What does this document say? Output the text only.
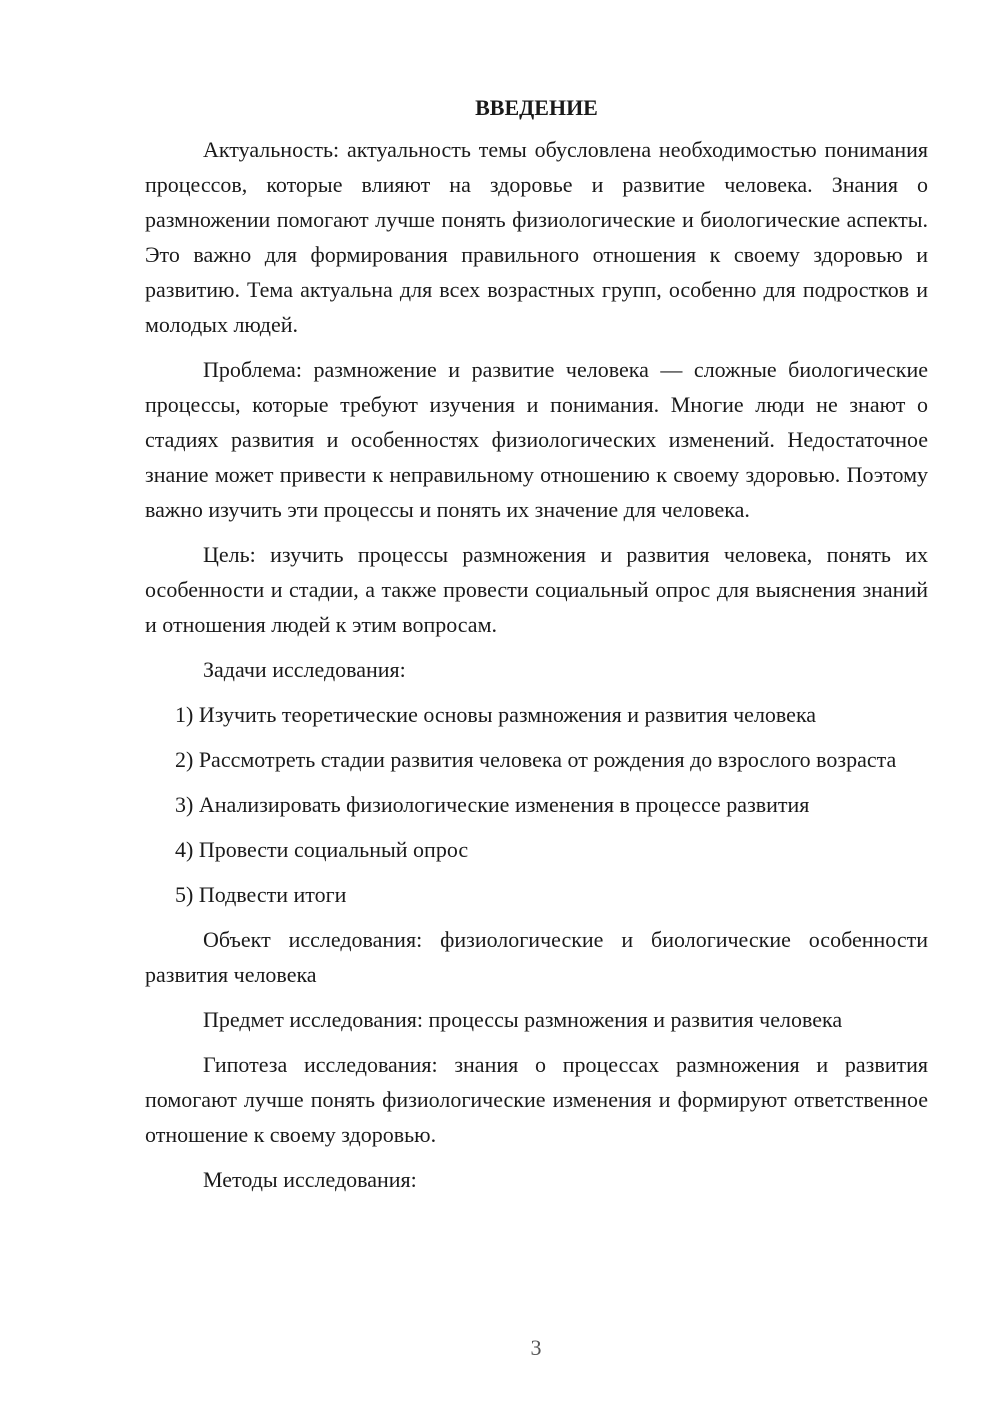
ВВЕДЕНИЕ

Актуальность: актуальность темы обусловлена необходимостью понимания процессов, которые влияют на здоровье и развитие человека. Знания о размножении помогают лучше понять физиологические и биологические аспекты. Это важно для формирования правильного отношения к своему здоровью и развитию. Тема актуальна для всех возрастных групп, особенно для подростков и молодых людей.

Проблема: размножение и развитие человека — сложные биологические процессы, которые требуют изучения и понимания. Многие люди не знают о стадиях развития и особенностях физиологических изменений. Недостаточное знание может привести к неправильному отношению к своему здоровью. Поэтому важно изучить эти процессы и понять их значение для человека.

Цель: изучить процессы размножения и развития человека, понять их особенности и стадии, а также провести социальный опрос для выяснения знаний и отношения людей к этим вопросам.

Задачи исследования:

1) Изучить теоретические основы размножения и развития человека

2) Рассмотреть стадии развития человека от рождения до взрослого возраста

3) Анализировать физиологические изменения в процессе развития

4) Провести социальный опрос

5) Подвести итоги

Объект исследования: физиологические и биологические особенности развития человека

Предмет исследования: процессы размножения и развития человека

Гипотеза исследования: знания о процессах размножения и развития помогают лучше понять физиологические изменения и формируют ответственное отношение к своему здоровью.

Методы исследования:

3
